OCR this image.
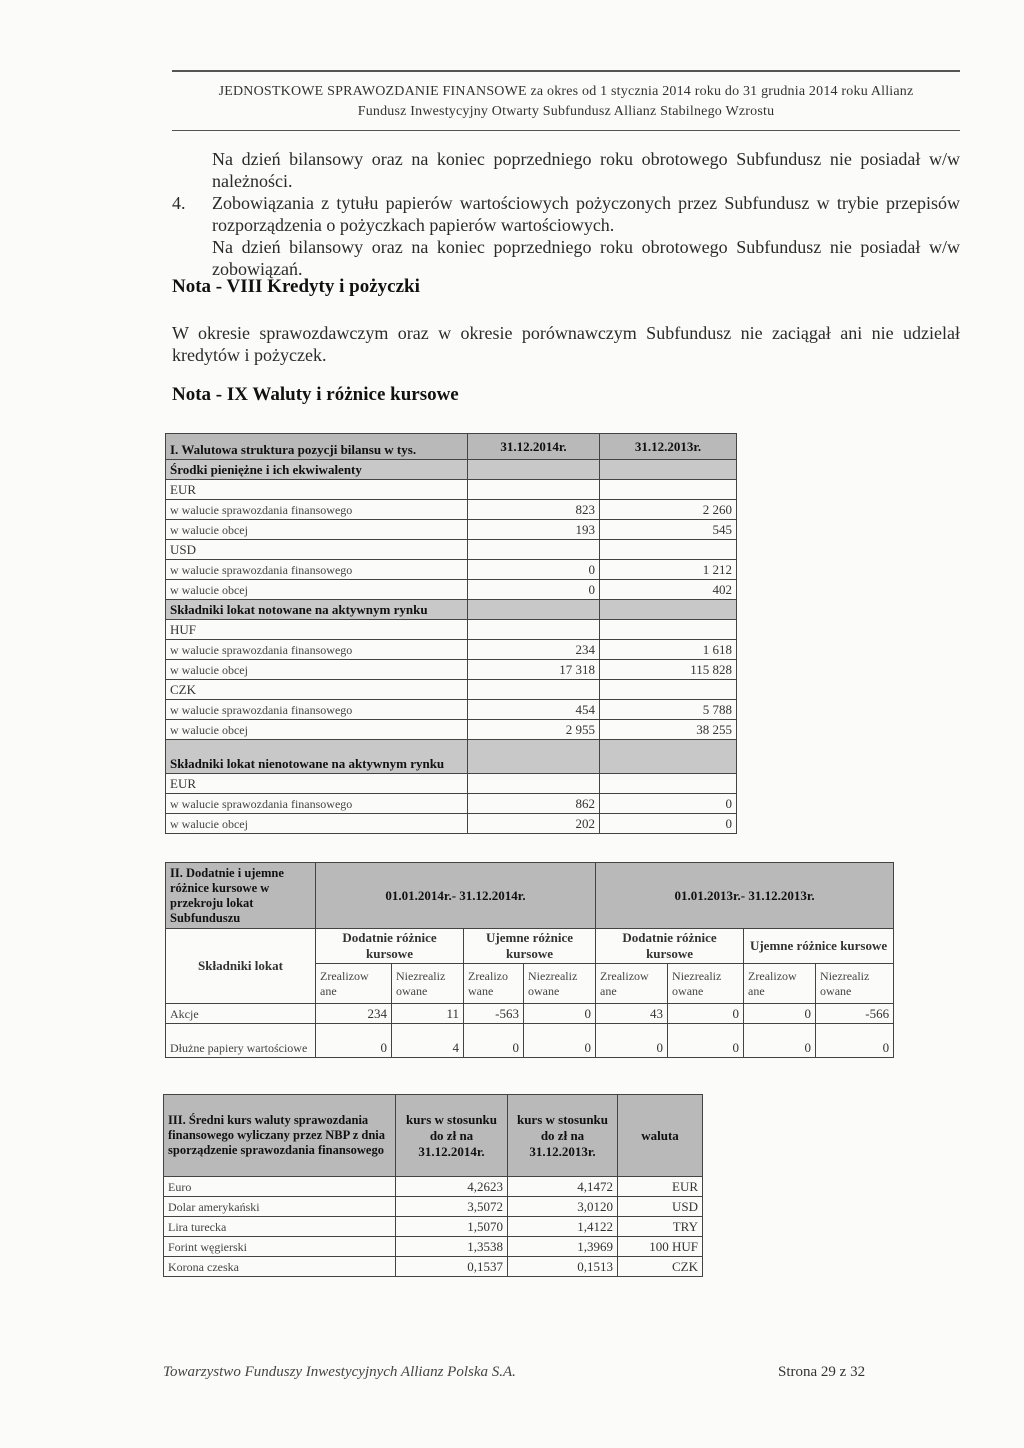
JEDNOSTKOWE SPRAWOZDANIE FINANSOWE za okres od 1 stycznia 2014 roku do 31 grudnia 2014 roku Allianz
Fundusz Inwestycyjny Otwarty Subfundusz Allianz Stabilnego Wzrostu
Na dzień bilansowy oraz na koniec poprzedniego roku obrotowego Subfundusz nie posiadał w/w należności.
4.	Zobowiązania z tytułu papierów wartościowych pożyczonych przez Subfundusz w trybie przepisów rozporządzenia o pożyczkach papierów wartościowych.
Na dzień bilansowy oraz na koniec poprzedniego roku obrotowego Subfundusz nie posiadał w/w zobowiązań.
Nota - VIII Kredyty i pożyczki
W okresie sprawozdawczym oraz w okresie porównawczym Subfundusz nie zaciągał ani nie udzielał kredytów i pożyczek.
Nota - IX Waluty i różnice kursowe
I. Walutowa struktura pozycji bilansu w tys.	31.12.2014r.	31.12.2013r.
Środki pieniężne i ich ekwiwalenty		
EUR		
w walucie sprawozdania finansowego	823	2 260
w walucie obcej	193	545
USD		
w walucie sprawozdania finansowego	0	1 212
w walucie obcej	0	402
Składniki lokat notowane na aktywnym rynku		
HUF		
w walucie sprawozdania finansowego	234	1 618
w walucie obcej	17 318	115 828
CZK		
w walucie sprawozdania finansowego	454	5 788
w walucie obcej	2 955	38 255
Składniki lokat nienotowane na aktywnym rynku		
EUR		
w walucie sprawozdania finansowego	862	0
w walucie obcej	202	0
II. Dodatnie i ujemne różnice kursowe w przekroju lokat Subfunduszu	01.01.2014r.- 31.12.2014r.				01.01.2013r.- 31.12.2013r.			
Składniki lokat	Dodatnie różnice kursowe		Ujemne różnice kursowe		Dodatnie różnice kursowe		Ujemne różnice kursowe	
	Zrealizow ane	Niezrealiz owane	Zrealizo wane	Niezrealiz owane	Zrealizow ane	Niezrealiz owane	Zrealizow ane	Niezrealiz owane
Akcje	234	11	-563	0	43	0	0	-566
Dłużne papiery wartościowe	0	4	0	0	0	0	0	0
III. Średni kurs waluty sprawozdania finansowego wyliczany przez NBP z dnia sporządzenie sprawozdania finansowego	kurs w stosunku do zł na 31.12.2014r.	kurs w stosunku do zł na 31.12.2013r.	waluta
Euro	4,2623	4,1472	EUR
Dolar amerykański	3,5072	3,0120	USD
Lira turecka	1,5070	1,4122	TRY
Forint węgierski	1,3538	1,3969	100 HUF
Korona czeska	0,1537	0,1513	CZK
Towarzystwo Funduszy Inwestycyjnych Allianz Polska S.A.	Strona 29 z 32
